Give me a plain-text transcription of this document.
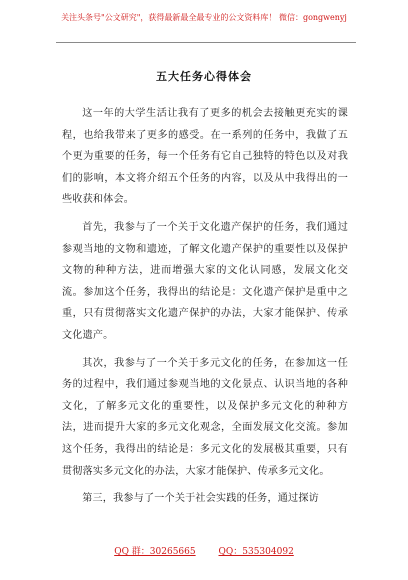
关注头条号"公文研究"，获得最新最全最专业的公文资料库！ 微信：gongwenyj
五大任务心得体会

这一年的大学生活让我有了更多的机会去接触更充实的课程，也给我带来了更多的感受。在一系列的任务中，我做了五个更为重要的任务，每一个任务有它自己独特的特色以及对我们的影响，本文将介绍五个任务的内容，以及从中我得出的一些收获和体会。

首先，我参与了一个关于文化遗产保护的任务，我们通过参观当地的文物和遗迹，了解文化遗产保护的重要性以及保护文物的种种方法，进而增强大家的文化认同感，发展文化交流。参加这个任务，我得出的结论是：文化遗产保护是重中之重，只有贯彻落实文化遗产保护的办法，大家才能保护、传承文化遗产。

其次，我参与了一个关于多元文化的任务，在参加这一任务的过程中，我们通过参观当地的文化景点、认识当地的各种文化，了解多元文化的重要性，以及保护多元文化的种种方法，进而提升大家的多元文化观念，全面发展文化交流。参加这个任务，我得出的结论是：多元文化的发展极其重要，只有贯彻落实多元文化的办法，大家才能保护、传承多元文化。

第三，我参与了一个关于社会实践的任务，通过探访

QQ 群：30265665	QQ：535304092
